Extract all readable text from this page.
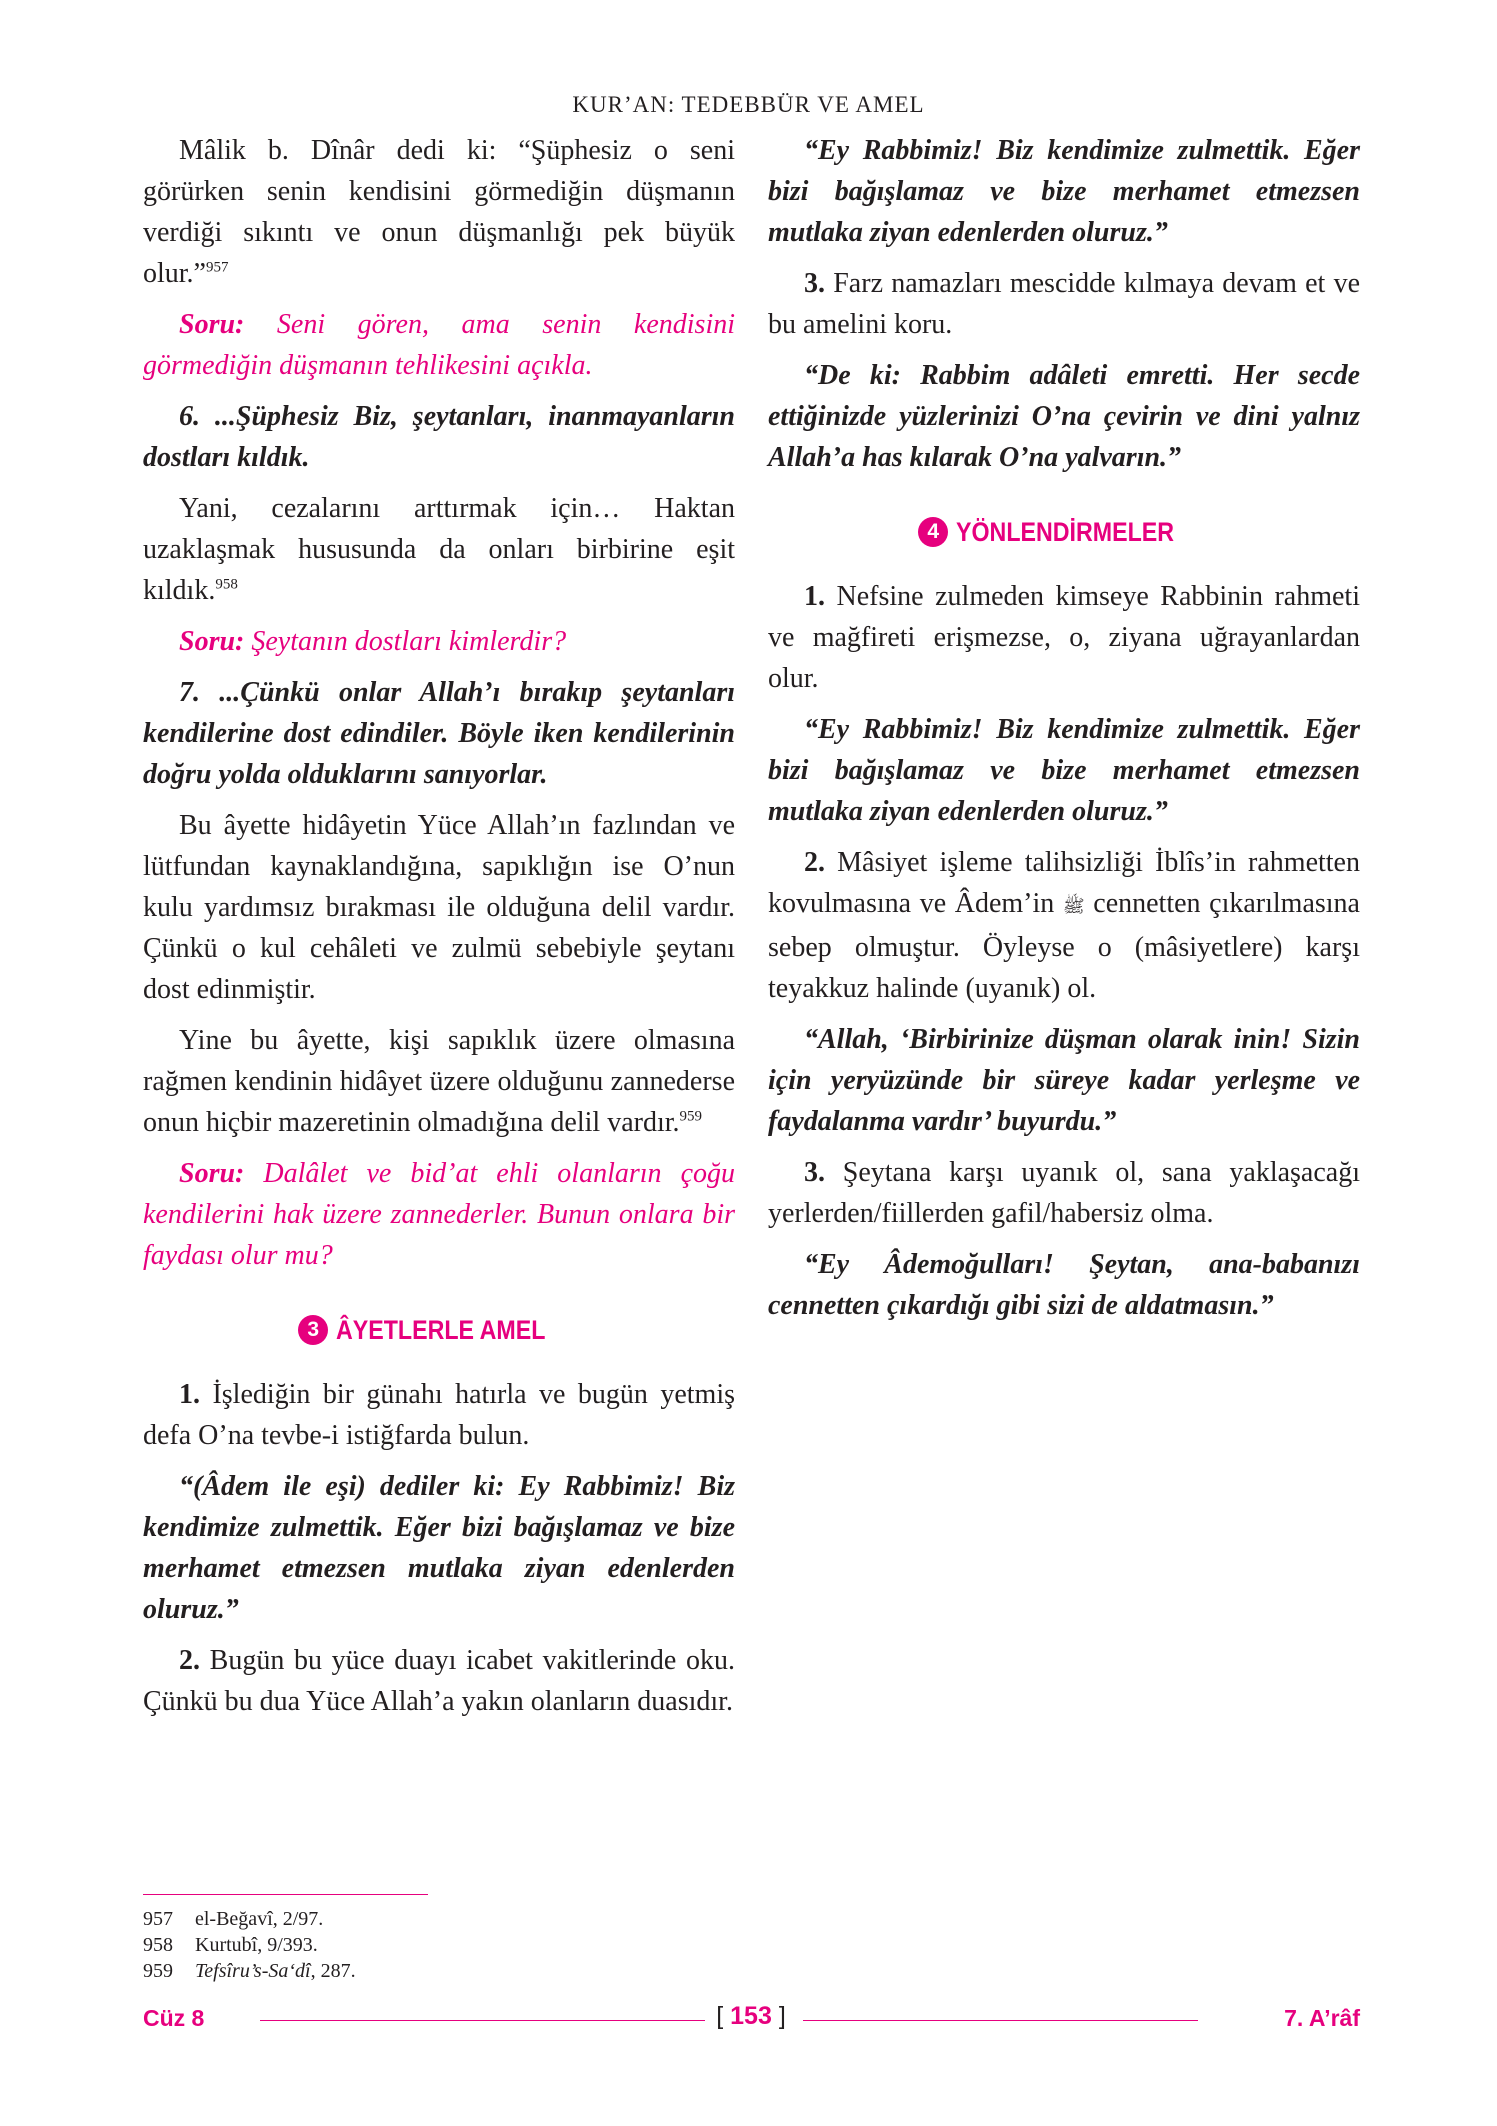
KUR’AN: TEDEBBÜR VE AMEL

Mâlik b. Dînâr dedi ki: “Şüphesiz o seni görürken senin kendisini görmediğin düşmanın verdiği sıkıntı ve onun düşmanlığı pek büyük olur.”$^{957}$

Soru: Seni gören, ama senin kendisini görmediğin düşmanın tehlikesini açıkla.

6. ...Şüphesiz Biz, şeytanları, inanmayanların dostları kıldık.

Yani, cezalarını arttırmak için… Haktan uzaklaşmak hususunda da onları birbirine eşit kıldık.$^{958}$

Soru: Şeytanın dostları kimlerdir?

7. ...Çünkü onlar Allah’ı bırakıp şeytanları kendilerine dost edindiler. Böyle iken kendilerinin doğru yolda olduklarını sanıyorlar.

Bu âyette hidâyetin Yüce Allah’ın fazlından ve lütfundan kaynaklandığına, sapıklığın ise O’nun kulu yardımsız bırakması ile olduğuna delil vardır. Çünkü o kul cehâleti ve zulmü sebebiyle şeytanı dost edinmiştir.

Yine bu âyette, kişi sapıklık üzere olmasına rağmen kendinin hidâyet üzere olduğunu zannederse onun hiçbir mazeretinin olmadığına delil vardır.$^{959}$

Soru: Dalâlet ve bid’at ehli olanların çoğu kendilerini hak üzere zannederler. Bunun onlara bir faydası olur mu?

3 ÂYETLERLE AMEL

1. İşlediğin bir günahı hatırla ve bugün yetmiş defa O’na tevbe-i istiğfarda bulun.

“(Âdem ile eşi) dediler ki: Ey Rabbimiz! Biz kendimize zulmettik. Eğer bizi bağışlamaz ve bize merhamet etmezsen mutlaka ziyan edenlerden oluruz.”

2. Bugün bu yüce duayı icabet vakitlerinde oku. Çünkü bu dua Yüce Allah’a yakın olanların duasıdır.

“Ey Rabbimiz! Biz kendimize zulmettik. Eğer bizi bağışlamaz ve bize merhamet etmezsen mutlaka ziyan edenlerden oluruz.”

3. Farz namazları mescidde kılmaya devam et ve bu amelini koru.

“De ki: Rabbim adâleti emretti. Her secde ettiğinizde yüzlerinizi O’na çevirin ve dini yalnız Allah’a has kılarak O’na yalvarın.”

4 YÖNLENDİRMELER

1. Nefsine zulmeden kimseye Rabbinin rahmeti ve mağfireti erişmezse, o, ziyana uğrayanlardan olur.

“Ey Rabbimiz! Biz kendimize zulmettik. Eğer bizi bağışlamaz ve bize merhamet etmezsen mutlaka ziyan edenlerden oluruz.”

2. Mâsiyet işleme talihsizliği İblîs’in rahmetten kovulmasına ve Âdem’in ﷺ cennetten çıkarılmasına sebep olmuştur. Öyleyse o (mâsiyetlere) karşı teyakkuz halinde (uyanık) ol.

“Allah, ‘Birbirinize düşman olarak inin! Sizin için yeryüzünde bir süreye kadar yerleşme ve faydalanma vardır’ buyurdu.”

3. Şeytana karşı uyanık ol, sana yaklaşacağı yerlerden/fiillerden gafil/habersiz olma.

“Ey Âdemoğulları! Şeytan, ana-babanızı cennetten çıkardığı gibi sizi de aldatmasın.”

957	el-Beğavî, 2/97.
958	Kurtubî, 9/393.
959	Tefsîru’s-Sa‘dî, 287.
Cüz 8	[ 153 ]	7. A’râf
